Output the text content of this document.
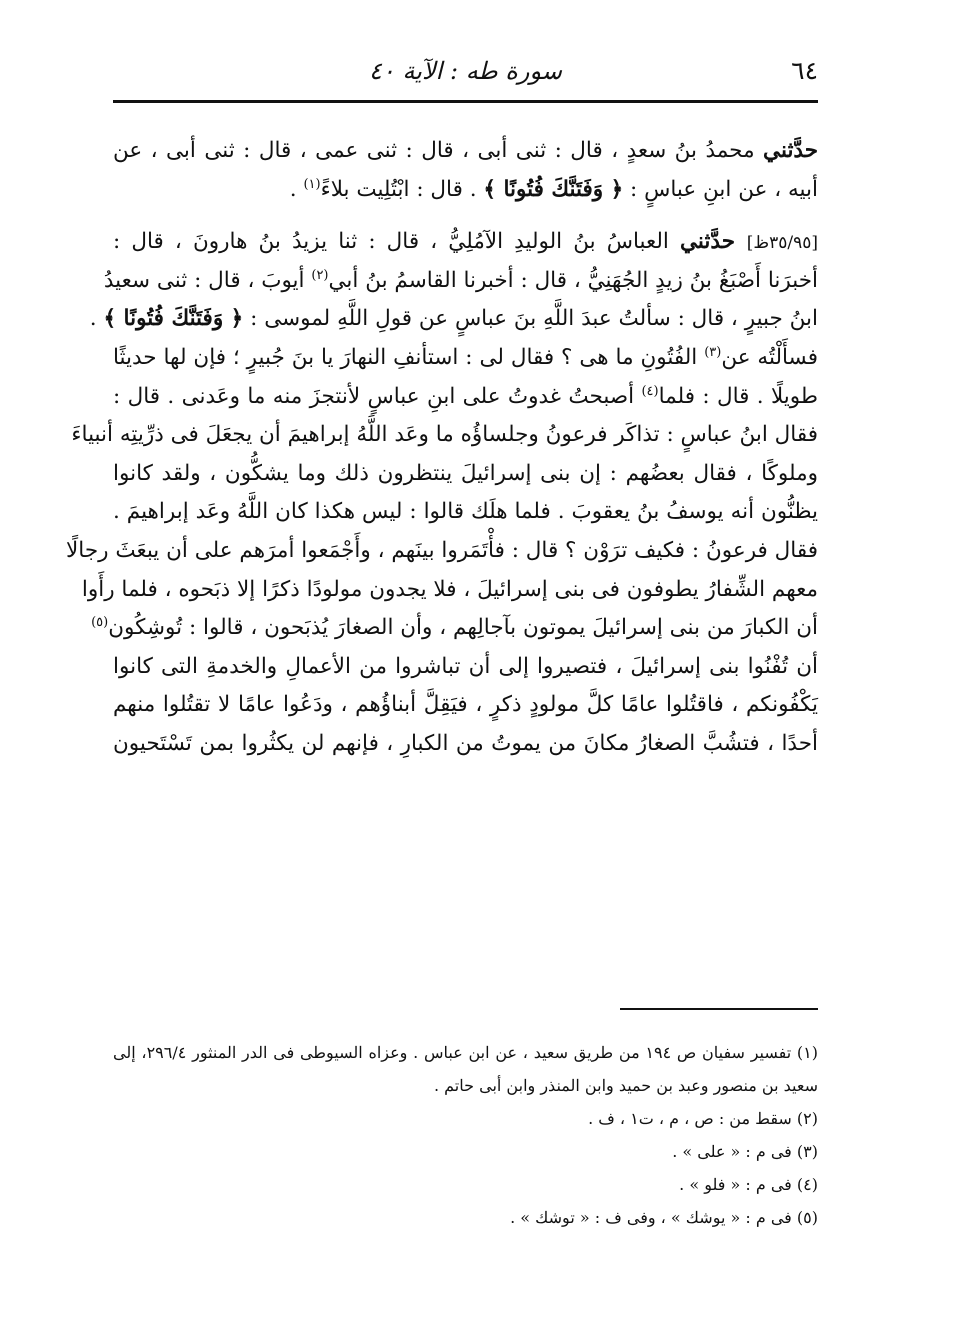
٦٤
سورة طه : الآية ٤٠
حدَّثني محمدُ بنُ سعدٍ ، قال : ثنى أبى ، قال : ثنى عمى ، قال : ثنى أبى ، عن
أبيه ، عن ابنِ عباسٍ : ﴿ وَفَتَنَّكَ فُتُونًا ﴾ . قال : ابْتُلِيت بلاءً$^{(١)}$ .
[٣٥/٩٥ظ] حدَّثني العباسُ بنُ الوليدِ الآمُلِيُّ ، قال : ثنا يزيدُ بنُ هارونَ ، قال :
أخبرَنا أَصْبَغُ بنُ زيدٍ الجُهَنِيُّ ، قال : أخبرنا القاسمُ بنُ أبي$^{(٢)}$ أيوبَ ، قال : ثنى سعيدُ
ابنُ جبيرٍ ، قال : سألتُ عبدَ اللَّهِ بنَ عباسٍ عن قولِ اللَّهِ لموسى : ﴿ وَفَتَنَّكَ فُتُونًا ﴾ .
فسأَلْتُه عن$^{(٣)}$ الفُتُونِ ما هى ؟ فقال لى : استأنفِ النهارَ يا بنَ جُبيرٍ ؛ فإن لها حديثًا
طويلًا . قال : فلما$^{(٤)}$ أصبحتُ غدوتُ على ابنِ عباسٍ لأنتجزَ منه ما وعَدنى . قال :
فقال ابنُ عباسٍ : تذاكَر فرعونُ وجلساؤُه ما وعَد اللَّهُ إبراهيمَ أن يجعَلَ فى ذرِّيتِه أنبياءَ
وملوكًا ، فقال بعضُهم : إن بنى إسرائيلَ ينتظرون ذلك وما يشكُّون ، ولقد كانوا
يظنُّون أنه يوسفُ بنُ يعقوبَ . فلما هلَك قالوا : ليس هكذا كان اللَّهُ وعَد إبراهيمَ .
فقال فرعونُ : فكيف ترَوْن ؟ قال : فأْتَمَروا بينَهم ، وأَجْمَعوا أمرَهم على أن يبعَثَ رجالًا
معهم الشِّفارُ يطوفون فى بنى إسرائيلَ ، فلا يجدون مولودًا ذكرًا إلا ذبَحوه ، فلما رأَوا
أن الكبارَ من بنى إسرائيلَ يموتون بآجالِهم ، وأن الصغارَ يُذبَحون ، قالوا : تُوشِكُون$^{(٥)}$
أن تُفْنُوا بنى إسرائيلَ ، فتصيروا إلى أن تباشروا من الأعمالِ والخدمةِ التى كانوا
يَكْفُونكم ، فاقتُلوا عامًا كلَّ مولودٍ ذكرٍ ، فيَقِلَّ أبناؤُهم ، ودَعُوا عامًا لا تقتُلوا منهم
أحدًا ، فتشُبَّ الصغارُ مكانَ من يموتُ من الكبارِ ، فإنهم لن يكثُروا بمن تَسْتَحيون
(١) تفسير سفيان ص ١٩٤ من طريق سعيد ، عن ابن عباس . وعزاه السيوطى فى الدر المنثور ٢٩٦/٤، إلى
سعيد بن منصور وعبد بن حميد وابن المنذر وابن أبى حاتم .
(٢) سقط من : ص ، م ، ت١ ، ف .
(٣) فى م : « على » .
(٤) فى م : « فلو » .
(٥) فى م : « يوشك » ، وفى ف : « توشك » .
